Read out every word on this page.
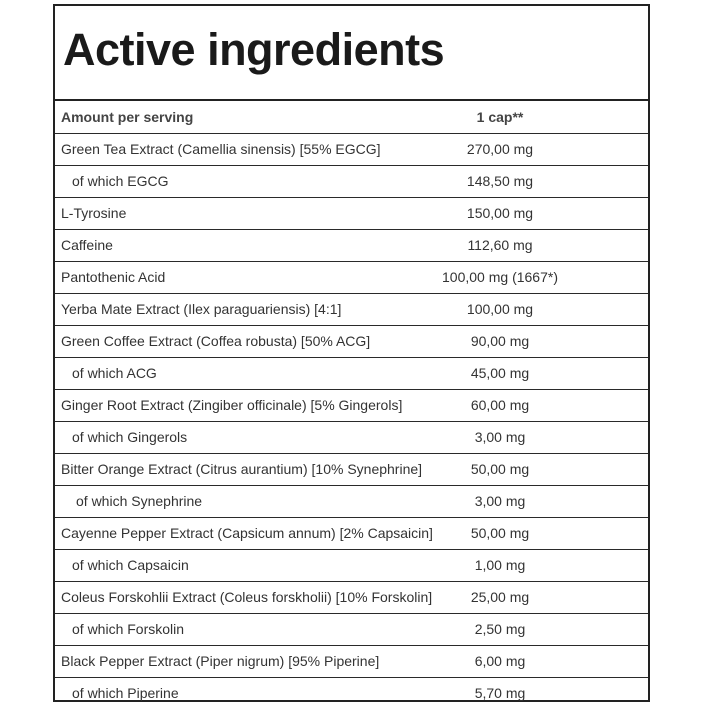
Active ingredients
Amount per serving	1 cap**
Green Tea Extract (Camellia sinensis) [55% EGCG]	270,00 mg
of which EGCG	148,50 mg
L-Tyrosine	150,00 mg
Caffeine	112,60 mg
Pantothenic Acid	100,00 mg (1667*)
Yerba Mate Extract (Ilex paraguariensis) [4:1]	100,00 mg
Green Coffee Extract (Coffea robusta) [50% ACG]	90,00 mg
of which ACG	45,00 mg
Ginger Root Extract (Zingiber officinale) [5% Gingerols]	60,00 mg
of which Gingerols	3,00 mg
Bitter Orange Extract (Citrus aurantium) [10% Synephrine]	50,00 mg
of which Synephrine	3,00 mg
Cayenne Pepper Extract (Capsicum annum) [2% Capsaicin]	50,00 mg
of which Capsaicin	1,00 mg
Coleus Forskohlii Extract (Coleus forskholii) [10% Forskolin]	25,00 mg
of which Forskolin	2,50 mg
Black Pepper Extract (Piper nigrum) [95% Piperine]	6,00 mg
of which Piperine	5,70 mg
